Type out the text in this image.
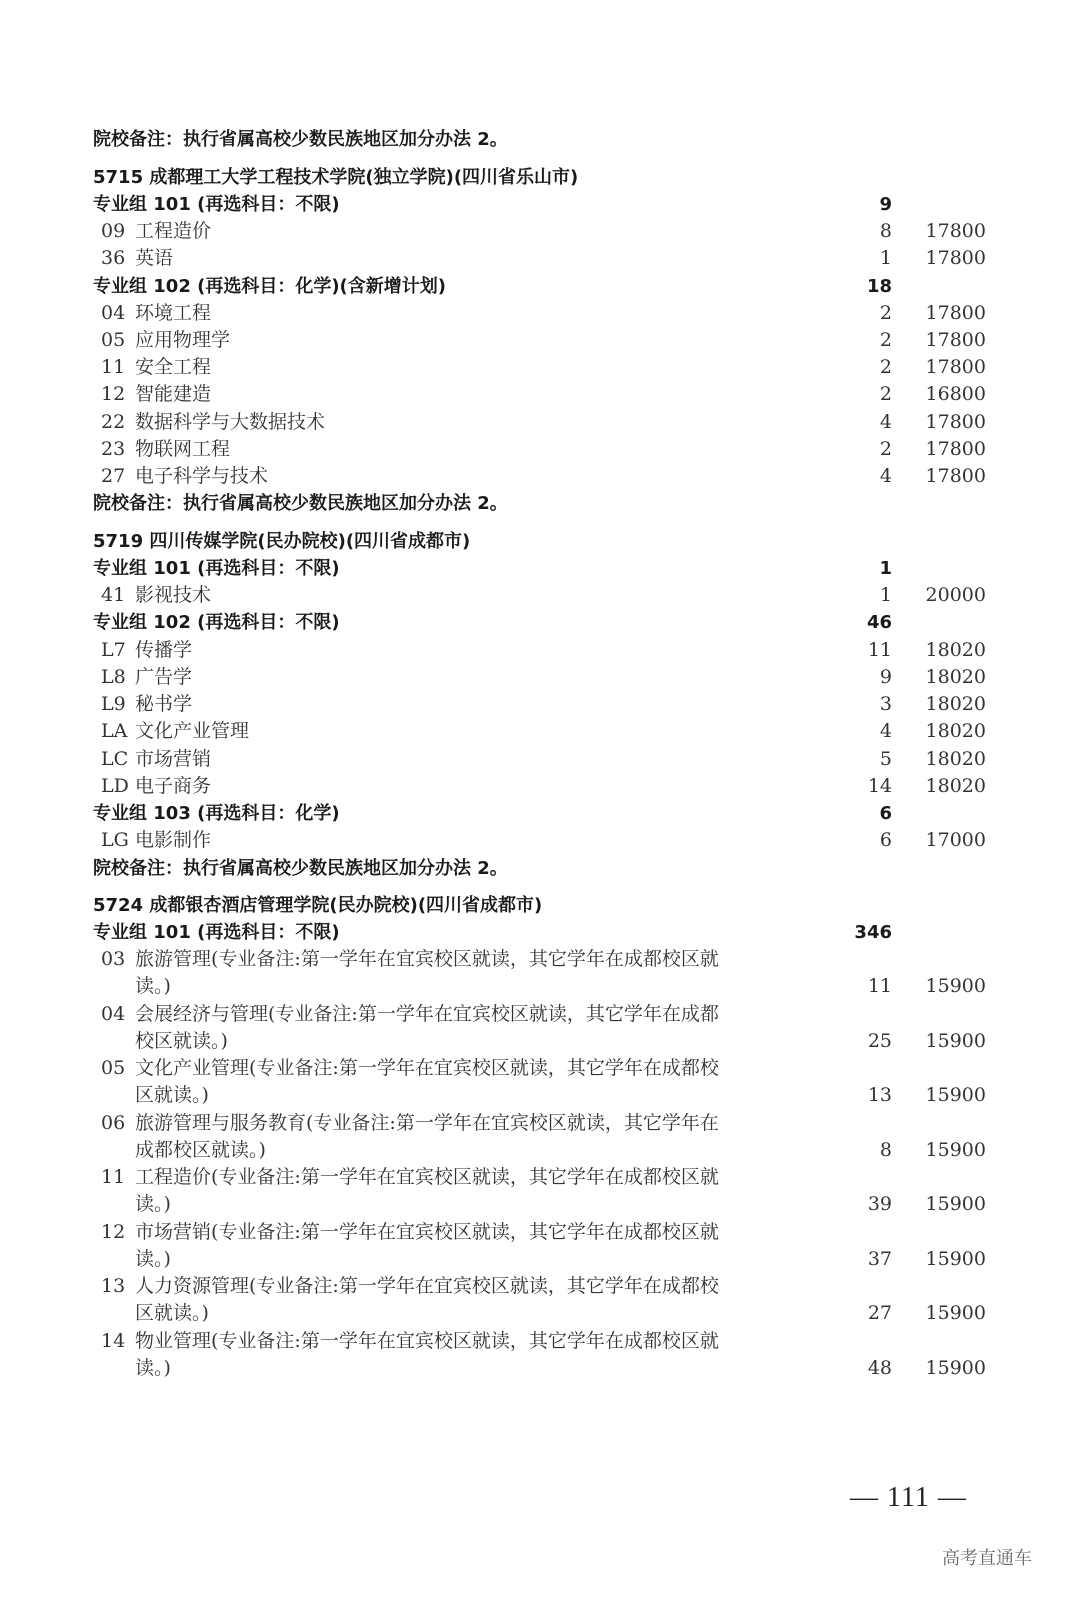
院校备注：执行省属高校少数民族地区加分办法 2。
5715 成都理工大学工程技术学院(独立学院)(四川省乐山市)
专业组 101 (再选科目：不限)	9
09 工程造价	8	17800
36 英语	1	17800
专业组 102 (再选科目：化学)(含新增计划)	18
04 环境工程	2	17800
05 应用物理学	2	17800
11 安全工程	2	17800
12 智能建造	2	16800
22 数据科学与大数据技术	4	17800
23 物联网工程	2	17800
27 电子科学与技术	4	17800
院校备注：执行省属高校少数民族地区加分办法 2。
5719 四川传媒学院(民办院校)(四川省成都市)
专业组 101 (再选科目：不限)	1
41 影视技术	1	20000
专业组 102 (再选科目：不限)	46
L7 传播学	11	18020
L8 广告学	9	18020
L9 秘书学	3	18020
LA 文化产业管理	4	18020
LC 市场营销	5	18020
LD 电子商务	14	18020
专业组 103 (再选科目：化学)	6
LG 电影制作	6	17000
院校备注：执行省属高校少数民族地区加分办法 2。
5724 成都银杏酒店管理学院(民办院校)(四川省成都市)
专业组 101 (再选科目：不限)	346
03 旅游管理(专业备注:第一学年在宜宾校区就读，其它学年在成都校区就
读。)	11	15900
04 会展经济与管理(专业备注:第一学年在宜宾校区就读，其它学年在成都
校区就读。)	25	15900
05 文化产业管理(专业备注:第一学年在宜宾校区就读，其它学年在成都校
区就读。)	13	15900
06 旅游管理与服务教育(专业备注:第一学年在宜宾校区就读，其它学年在
成都校区就读。)	8	15900
11 工程造价(专业备注:第一学年在宜宾校区就读，其它学年在成都校区就
读。)	39	15900
12 市场营销(专业备注:第一学年在宜宾校区就读，其它学年在成都校区就
读。)	37	15900
13 人力资源管理(专业备注:第一学年在宜宾校区就读，其它学年在成都校
区就读。)	27	15900
14 物业管理(专业备注:第一学年在宜宾校区就读，其它学年在成都校区就
读。)	48	15900
— 111 —
高考直通车
